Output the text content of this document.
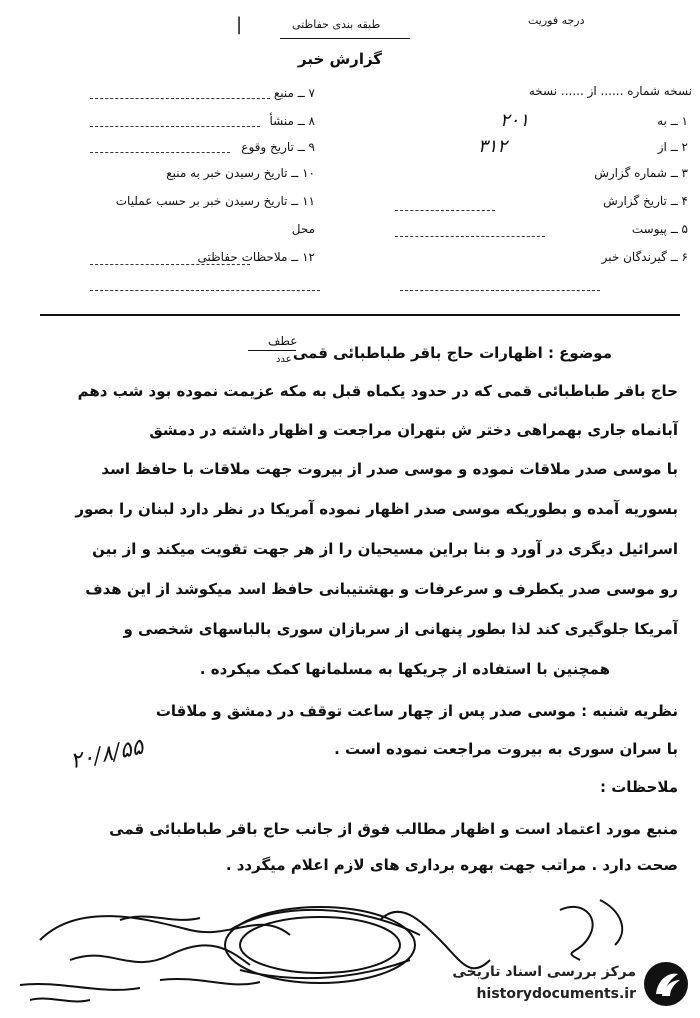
درجه فوریت
طبقه بندی حفاظتی
گزارش خبر
|
نسخه شماره ...... از ...... نسخه
۱ ــ به
۲۰۱
۲ ــ از
۳۱۲
۳ ــ شماره گزارش
۴ ــ تاریخ گزارش
۵ ــ پیوست
۶ ــ گیرندگان خبر
۷ ــ منبع
۸ ــ منشأ
۹ ــ تاریخ وقوع
۱۰ ــ تاریخ رسیدن خبر به منبع
۱۱ ــ تاریخ رسیدن خبر بر حسب عملیات
محل
۱۲ ــ ملاحظات حفاظتی
عطف
عدد موضوع : اظهارات حاج باقر طباطبائی قمی
حاج باقر طباطبائی قمی که در حدود یکماه قبل به مکه عزیمت نموده بود شب دهم
آبانماه جاری بهمراهی دختر ش بتهران مراجعت و اظهار داشته در دمشق
با موسی صدر ملاقات نموده و موسی صدر از بیروت جهت ملاقات با حافظ اسد
بسوریه آمده و بطوریکه موسی صدر اظهار نموده آمریکا در نظر دارد لبنان را بصور
اسرائیل دیگری در آورد و بنا براین مسیحیان را از هر جهت تقویت میکند و از بین
رو موسی صدر یکطرف و سرعرفات و بهشتیبانی حافظ اسد میکوشد از این هدف
آمریکا جلوگیری کند لذا بطور پنهانی از سربازان سوری بالباسهای شخصی و
همچنین با استفاده از چریکها به مسلمانها کمک میکرده .
نظریه شنبه : موسی صدر پس از چهار ساعت توقف در دمشق و ملاقات
با سران سوری به بیروت مراجعت نموده است .
۲۰/۸/۵۵
ملاحظات :
منبع مورد اعتماد است و اظهار مطالب فوق از جانب حاج باقر طباطبائی قمی
صحت دارد . مراتب جهت بهره برداری های لازم اعلام میگردد .
مرکز بررسی اسناد تاریخی
historydocuments.ir
